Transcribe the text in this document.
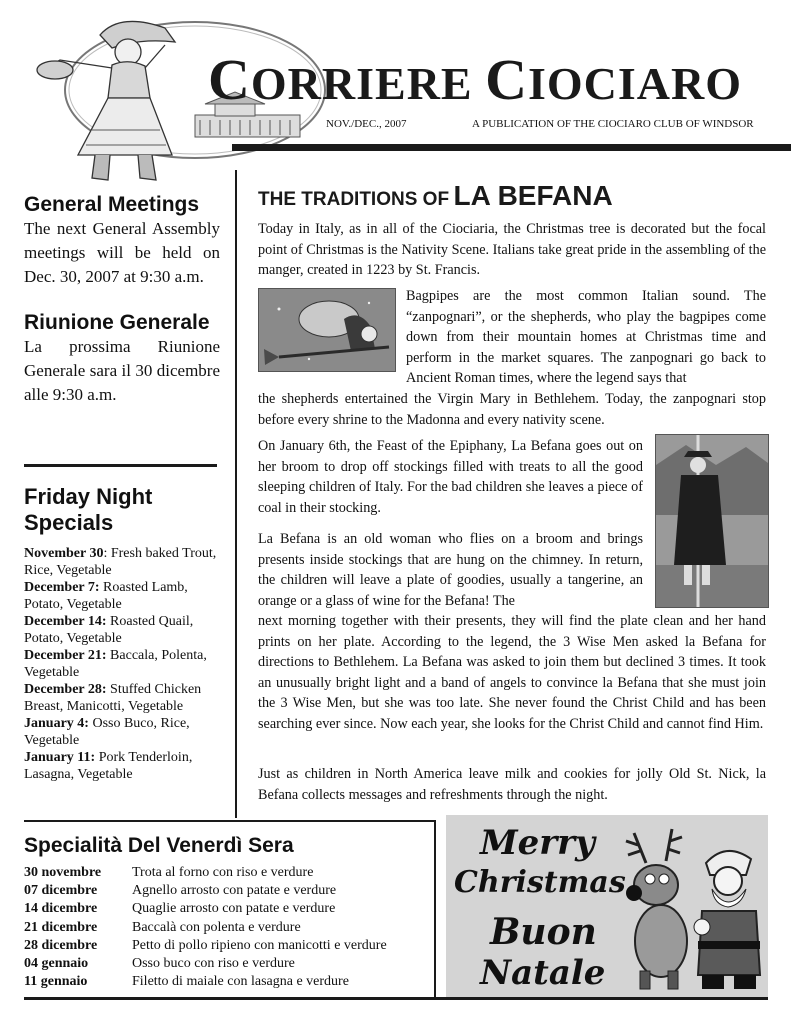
CORRIERE CIOCIARO
NOV./DEC., 2007	A PUBLICATION OF THE CIOCIARO CLUB OF WINDSOR
General Meetings

The next General Assembly meetings will be held on Dec. 30, 2007 at 9:30 a.m.

Riunione Generale

La prossima Riunione Generale sara il 30 dicembre alle 9:30 a.m.

Friday Night Specials

November 30: Fresh baked Trout, Rice, Vegetable

December 7: Roasted Lamb, Potato, Vegetable

December 14: Roasted Quail, Potato, Vegetable

December 21: Baccala, Polenta, Vegetable

December 28: Stuffed Chicken Breast, Manicotti, Vegetable

January 4: Osso Buco, Rice, Vegetable

January 11: Pork Tenderloin, Lasagna, Vegetable

THE TRADITIONS OF LA BEFANA

Today in Italy, as in all of the Ciociaria, the Christmas tree is decorated but the focal point of Christmas is the Nativity Scene. Italians take great pride in the assembling of the manger, created in 1223 by St. Francis.

Bagpipes are the most common Italian sound. The “zanpognari”, or the shepherds, who play the bagpipes come down from their mountain homes at Christmas time and perform in the market squares. The zanpognari go back to Ancient Roman times, where the legend says that

the shepherds entertained the Virgin Mary in Bethlehem. Today, the zanpognari stop before every shrine to the Madonna and every nativity scene.

On January 6th, the Feast of the Epiphany, La Befana goes out on her broom to drop off stockings filled with treats to all the good sleeping children of Italy. For the bad children she leaves a piece of coal in their stocking.

La Befana is an old woman who flies on a broom and brings presents inside stockings that are hung on the chimney. In return, the children will leave a plate of goodies, usually a tangerine, an orange or a glass of wine for the Befana! The

next morning together with their presents, they will find the plate clean and her hand prints on her plate. According to the legend, the 3 Wise Men asked la Befana for directions to Bethlehem. La Befana was asked to join them but declined 3 times. It took an unusually bright light and a band of angels to convince la Befana that she must join the 3 Wise Men, but she was too late. She never found the Christ Child and has been searching ever since. Now each year, she looks for the Christ Child and cannot find Him.

Just as children in North America leave milk and cookies for jolly Old St. Nick, la Befana collects messages and refreshments through the night.

Specialità Del Venerdì Sera
30 novembre	Trota al forno con riso e verdure
07 dicembre	Agnello arrosto con patate e verdure
14 dicembre	Quaglie arrosto con patate e verdure
21 dicembre	Baccalà con polenta e verdure
28 dicembre	Petto di pollo ripieno con manicotti e verdure
04 gennaio	Osso buco con riso e verdure
11 gennaio	Filetto di maiale con lasagna e verdure
Merry
Christmas
Buon
Natale
